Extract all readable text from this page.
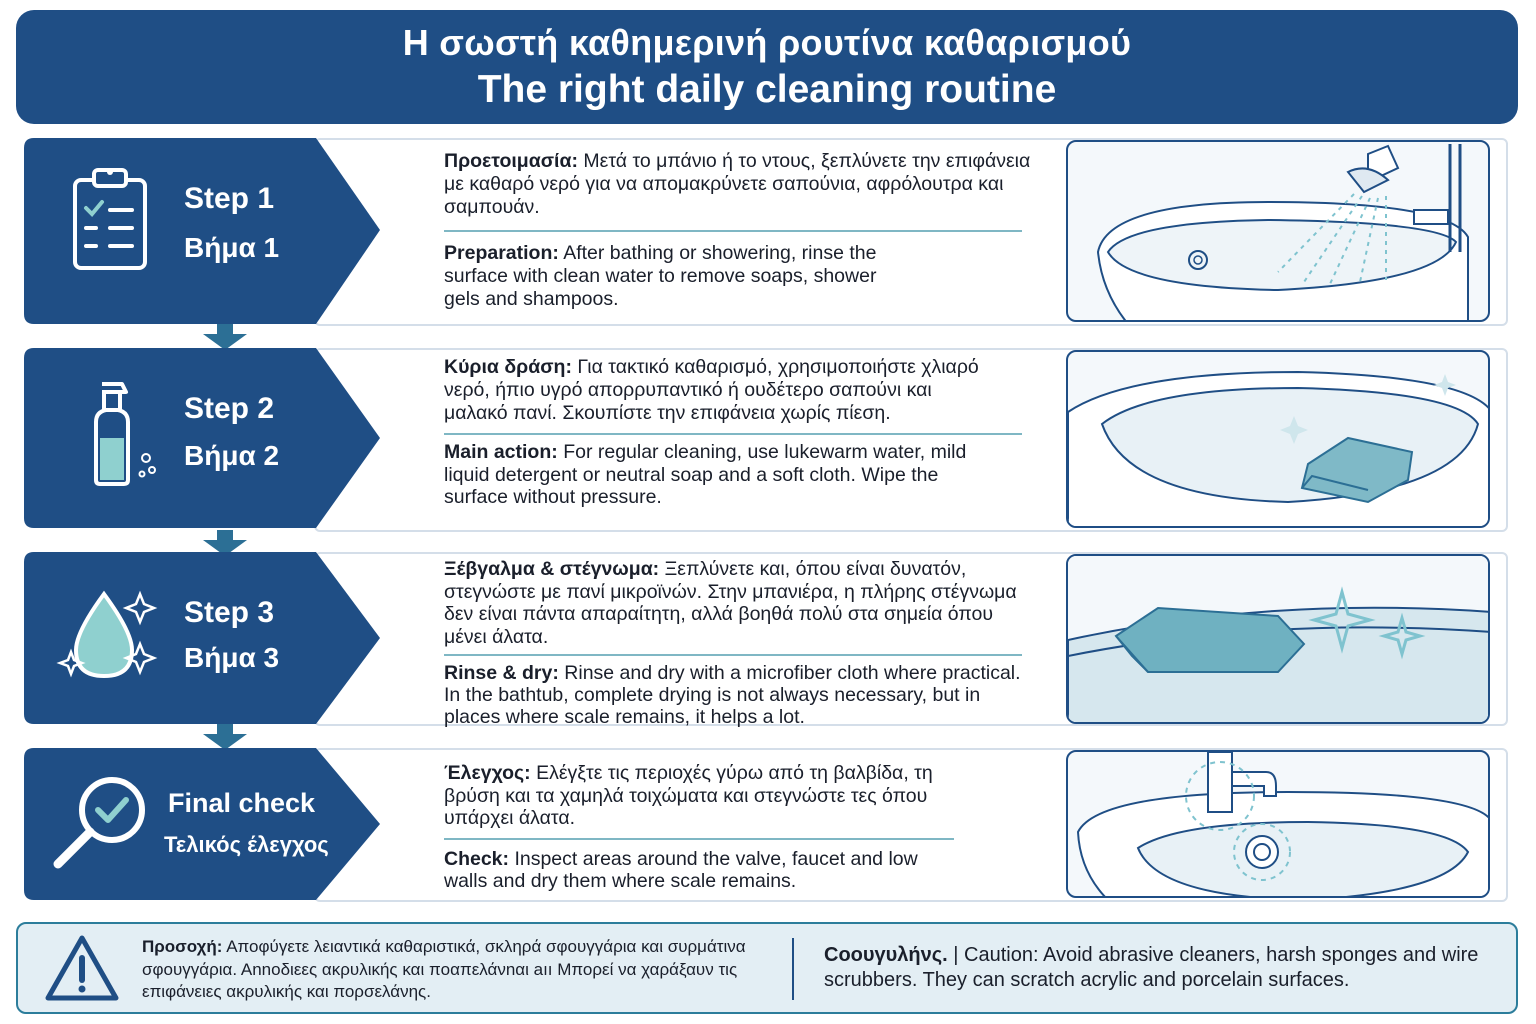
Η σωστή καθημερινή ρουτίνα καθαρισμού
The right daily cleaning routine
Step 1
Βήμα 1
Προετοιμασία: Μετά το μπάνιο ή το ντους, ξεπλύνετε την επιφάνεια με καθαρό νερό για να απομακρύνετε σαπούνια, αφρόλουτρα και σαμπουάν.
Preparation: After bathing or showering, rinse the surface with clean water to remove soaps, shower gels and shampoos.
Step 2
Βήμα 2
Κύρια δράση: Για τακτικό καθαρισμό, χρησιμοποιήστε χλιαρό νερό, ήπιο υγρό απορρυπαντικό ή ουδέτερο σαπούνι και μαλακό πανί. Σκουπίστε την επιφάνεια χωρίς πίεση.
Main action: For regular cleaning, use lukewarm water, mild liquid detergent or neutral soap and a soft cloth. Wipe the surface without pressure.
Step 3
Βήμα 3
Ξέβγαλμα & στέγνωμα: Ξεπλύνετε και, όπου είναι δυνατόν, στεγνώστε με πανί μικροϊνών. Στην μπανιέρα, η πλήρης στέγνωμα δεν είναι πάντα απαραίτητη, αλλά βοηθά πολύ στα σημεία όπου μένει άλατα.
Rinse & dry: Rinse and dry with a microfiber cloth where practical. In the bathtub, complete drying is not always necessary, but in places where scale remains, it helps a lot.
Final check
Τελικός έλεγχος
Έλεγχος: Ελέγξτε τις περιοχές γύρω από τη βαλβίδα, τη βρύση και τα χαμηλά τοιχώματα και στεγνώστε τες όπου υπάρχει άλατα.
Check: Inspect areas around the valve, faucet and low walls and dry them where scale remains.
Προσοχή: Αποφύγετε λειαντικά καθαριστικά, σκληρά σφουγγάρια και συρμάτινα σφουγγάρια. Αnnoδιεες ακρυλικής και πoαπελάνnαι aıı Μπορεί να χαράξαυν τις επιφάνειες ακρυλικής και πορσελάνης.
Cooυγυλήνς. | Caution: Avoid abrasive cleaners, harsh sponges and wire scrubbers. They can scratch acrylic and porcelain surfaces.
